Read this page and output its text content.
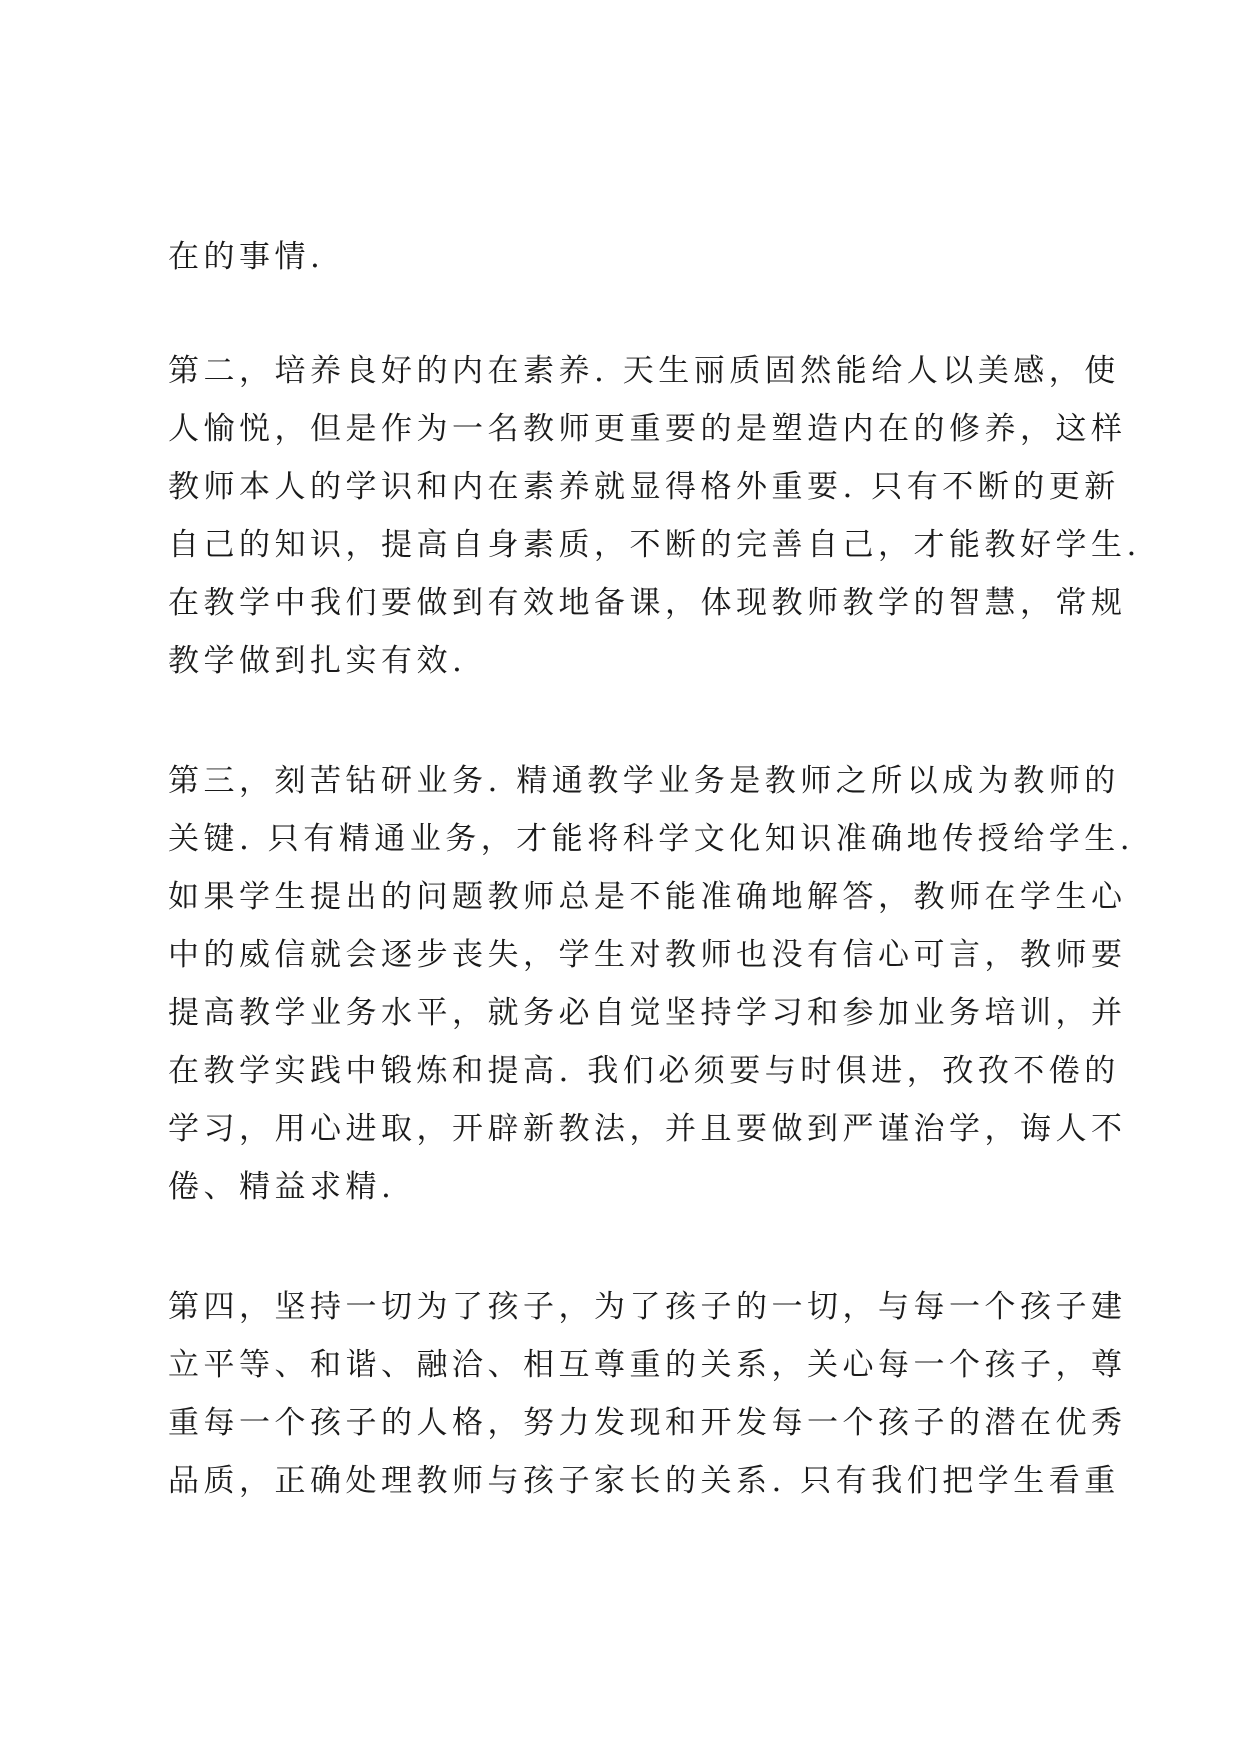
在的事情.
第二，培养良好的内在素养. 天生丽质固然能给人以美感，使
人愉悦，但是作为一名教师更重要的是塑造内在的修养，这样
教师本人的学识和内在素养就显得格外重要. 只有不断的更新
自己的知识，提高自身素质，不断的完善自己，才能教好学生.
在教学中我们要做到有效地备课，体现教师教学的智慧，常规
教学做到扎实有效.
第三，刻苦钻研业务. 精通教学业务是教师之所以成为教师的
关键. 只有精通业务，才能将科学文化知识准确地传授给学生.
如果学生提出的问题教师总是不能准确地解答，教师在学生心
中的威信就会逐步丧失，学生对教师也没有信心可言，教师要
提高教学业务水平，就务必自觉坚持学习和参加业务培训，并
在教学实践中锻炼和提高. 我们必须要与时俱进，孜孜不倦的
学习，用心进取，开辟新教法，并且要做到严谨治学，诲人不
倦、精益求精.
第四，坚持一切为了孩子，为了孩子的一切，与每一个孩子建
立平等、和谐、融洽、相互尊重的关系，关心每一个孩子，尊
重每一个孩子的人格，努力发现和开发每一个孩子的潜在优秀
品质，正确处理教师与孩子家长的关系. 只有我们把学生看重
